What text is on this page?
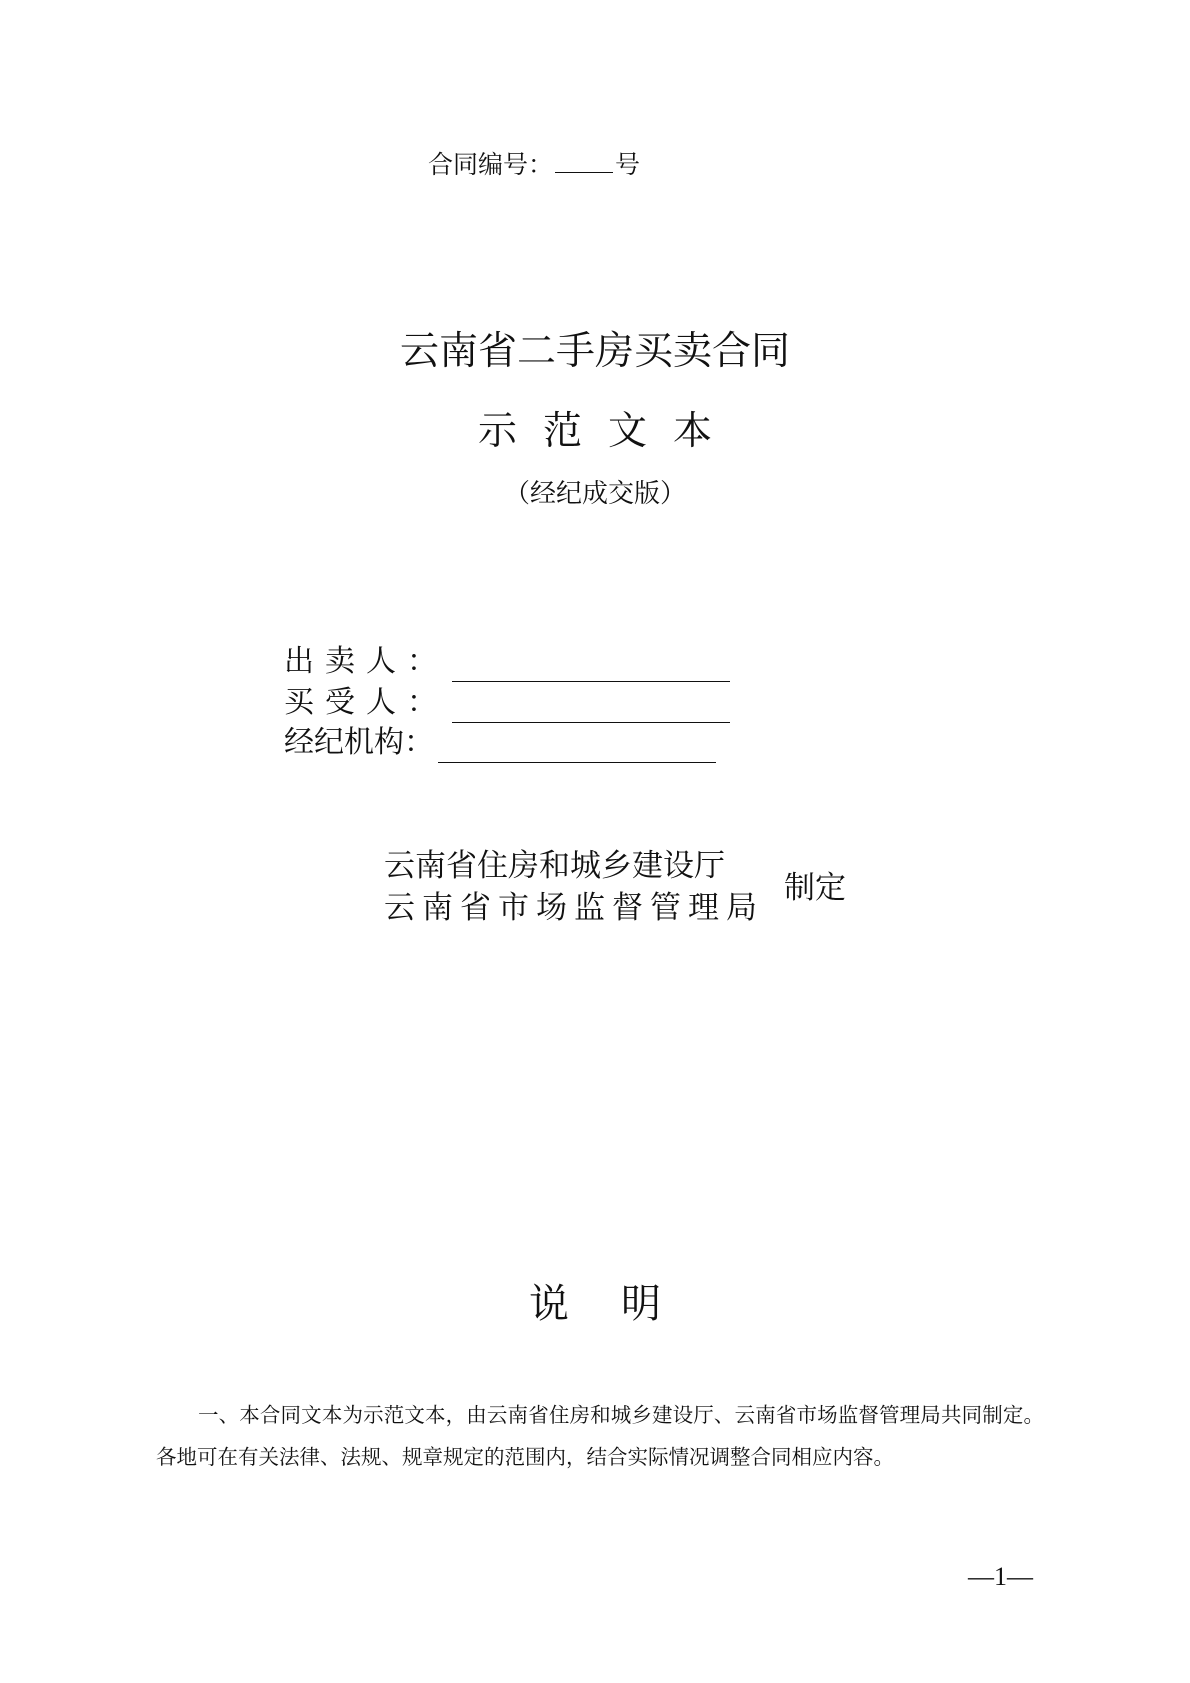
合同编号： 号
云南省二手房买卖合同
示范文本
（经纪成交版）
出卖人：
买受人：
经纪机构：
云南省住房和城乡建设厅
云南省市场监督管理局
制定
说明
一、本合同文本为示范文本，由云南省住房和城乡建设厅、云南省市场监督管理局共同制定。各地可在有关法律、法规、规章规定的范围内，结合实际情况调整合同相应内容。
—1—
